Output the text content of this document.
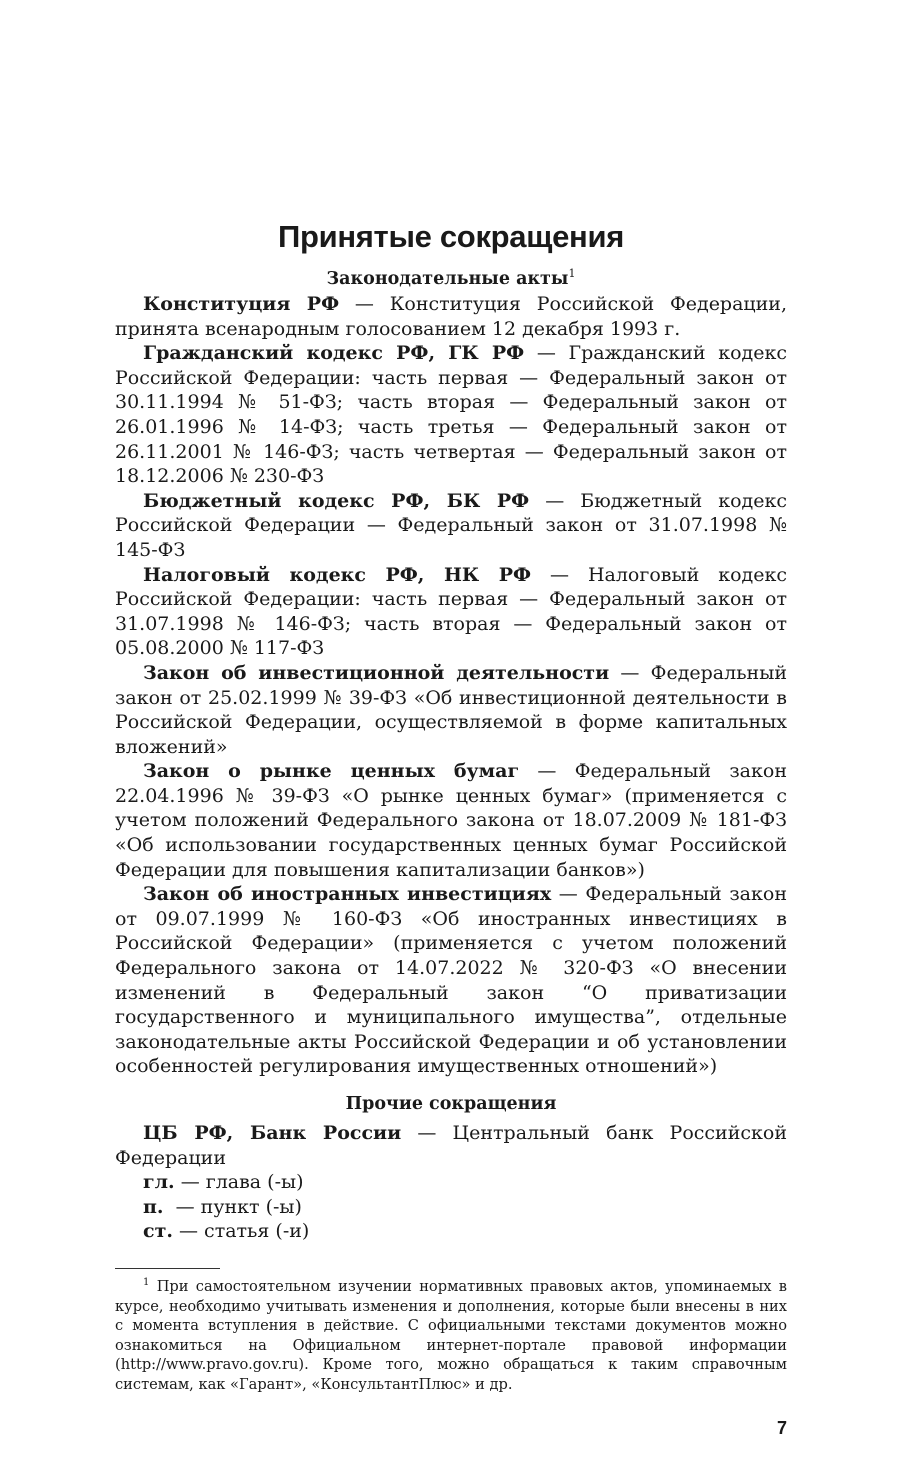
Принятые сокращения

Законодательные акты$^1$

Конституция РФ — Конституция Российской Федерации, принята всенародным голосованием 12 декабря 1993 г.

Гражданский кодекс РФ, ГК РФ — Гражданский кодекс Российской Федерации: часть первая — Федеральный закон от 30.11.1994 № 51-ФЗ; часть вторая — Федеральный закон от 26.01.1996 № 14-ФЗ; часть третья — Федеральный закон от 26.11.2001 № 146-ФЗ; часть четвертая — Федеральный закон от 18.12.2006 № 230-ФЗ

Бюджетный кодекс РФ, БК РФ — Бюджетный кодекс Российской Федерации — Федеральный закон от 31.07.1998 № 145-ФЗ

Налоговый кодекс РФ, НК РФ — Налоговый кодекс Российской Федерации: часть первая — Федеральный закон от 31.07.1998 № 146-ФЗ; часть вторая — Федеральный закон от 05.08.2000 № 117-ФЗ

Закон об инвестиционной деятельности — Федеральный закон от 25.02.1999 № 39-ФЗ «Об инвестиционной деятельности в Российской Федерации, осуществляемой в форме капитальных вложений»

Закон о рынке ценных бумаг — Федеральный закон 22.04.1996 № 39-ФЗ «О рынке ценных бумаг» (применяется с учетом положений Федерального закона от 18.07.2009 № 181-ФЗ «Об использовании государственных ценных бумаг Российской Федерации для повышения капитализации банков»)

Закон об иностранных инвестициях — Федеральный закон от 09.07.1999 № 160-ФЗ «Об иностранных инвестициях в Российской Федерации» (применяется с учетом положений Федерального закона от 14.07.2022 № 320-ФЗ «О внесении изменений в Федеральный закон “О приватизации государственного и муниципального имущества”, отдельные законодательные акты Российской Федерации и об установлении особенностей регулирования имущественных отношений»)

Прочие сокращения

ЦБ РФ, Банк России — Центральный банк Российской Федерации

гл. — глава (-ы)

п.  — пункт (-ы)

ст. — статья (-и)

$^1$ При самостоятельном изучении нормативных правовых актов, упоминаемых в курсе, необходимо учитывать изменения и дополнения, которые были внесены в них с момента вступления в действие. С официальными текстами документов можно ознакомиться на Официальном интернет-портале правовой информации (http://www.pravo.gov.ru). Кроме того, можно обращаться к таким справочным системам, как «Гарант», «КонсультантПлюс» и др.

7
